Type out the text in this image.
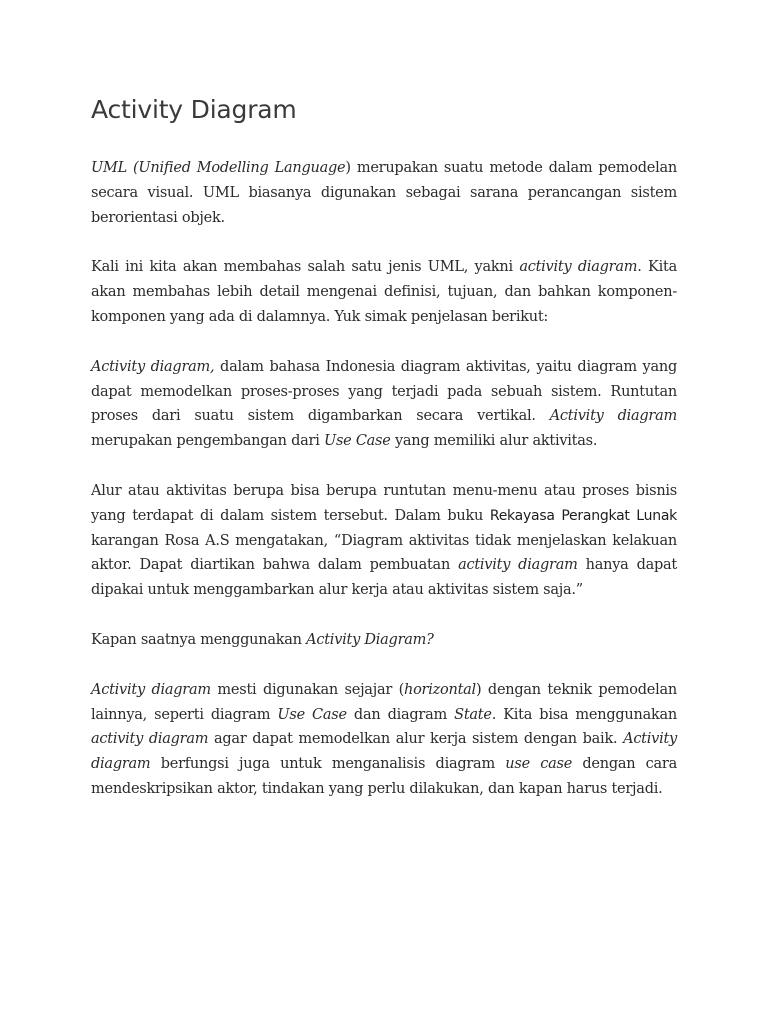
Activity Diagram

UML (Unified Modelling Language) merupakan suatu metode dalam pemodelan secara visual. UML biasanya digunakan sebagai sarana perancangan sistem berorientasi objek.

Kali ini kita akan membahas salah satu jenis UML, yakni activity diagram. Kita akan membahas lebih detail mengenai definisi, tujuan, dan bahkan komponen-komponen yang ada di dalamnya. Yuk simak penjelasan berikut:

Activity diagram, dalam bahasa Indonesia diagram aktivitas, yaitu diagram yang dapat memodelkan proses-proses yang terjadi pada sebuah sistem. Runtutan proses dari suatu sistem digambarkan secara vertikal. Activity diagram merupakan pengembangan dari Use Case yang memiliki alur aktivitas.

Alur atau aktivitas berupa bisa berupa runtutan menu-menu atau proses bisnis yang terdapat di dalam sistem tersebut. Dalam buku Rekayasa Perangkat Lunak karangan Rosa A.S mengatakan, “Diagram aktivitas tidak menjelaskan kelakuan aktor. Dapat diartikan bahwa dalam pembuatan activity diagram hanya dapat dipakai untuk menggambarkan alur kerja atau aktivitas sistem saja.”

Kapan saatnya menggunakan Activity Diagram?

Activity diagram mesti digunakan sejajar (horizontal) dengan teknik pemodelan lainnya, seperti diagram Use Case dan diagram State. Kita bisa menggunakan activity diagram agar dapat memodelkan alur kerja sistem dengan baik. Activity diagram berfungsi juga untuk menganalisis diagram use case dengan cara mendeskripsikan aktor, tindakan yang perlu dilakukan, dan kapan harus terjadi.
